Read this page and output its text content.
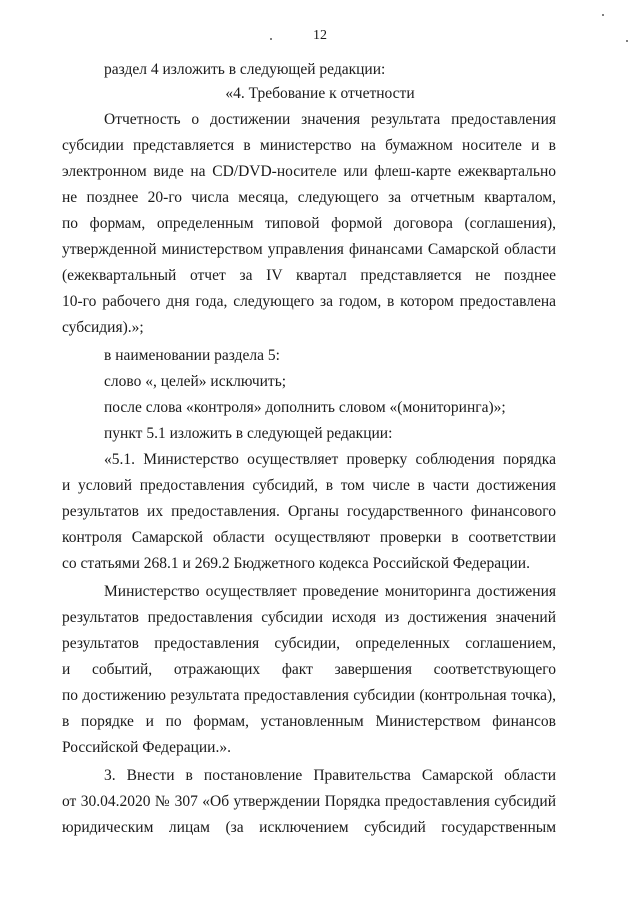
12
раздел 4 изложить в следующей редакции:
«4. Требование к отчетности
Отчетность о достижении значения результата предоставления
субсидии представляется в министерство на бумажном носителе и в
электронном виде на CD/DVD-носителе или флеш-карте ежеквартально
не позднее 20-го числа месяца, следующего за отчетным кварталом,
по формам, определенным типовой формой договора (соглашения),
утвержденной министерством управления финансами Самарской области
(ежеквартальный отчет за IV квартал представляется не позднее
10-го рабочего дня года, следующего за годом, в котором предоставлена
субсидия).»;
в наименовании раздела 5:
слово «, целей» исключить;
после слова «контроля» дополнить словом «(мониторинга)»;
пункт 5.1 изложить в следующей редакции:
«5.1. Министерство осуществляет проверку соблюдения порядка
и условий предоставления субсидий, в том числе в части достижения
результатов их предоставления. Органы государственного финансового
контроля Самарской области осуществляют проверки в соответствии
со статьями 268.1 и 269.2 Бюджетного кодекса Российской Федерации.
Министерство осуществляет проведение мониторинга достижения
результатов предоставления субсидии исходя из достижения значений
результатов предоставления субсидии, определенных соглашением,
и событий, отражающих факт завершения соответствующего
по достижению результата предоставления субсидии (контрольная точка),
в порядке и по формам, установленным Министерством финансов
Российской Федерации.».
3. Внести в постановление Правительства Самарской области
от 30.04.2020 № 307 «Об утверждении Порядка предоставления субсидий
юридическим лицам (за исключением субсидий государственным
